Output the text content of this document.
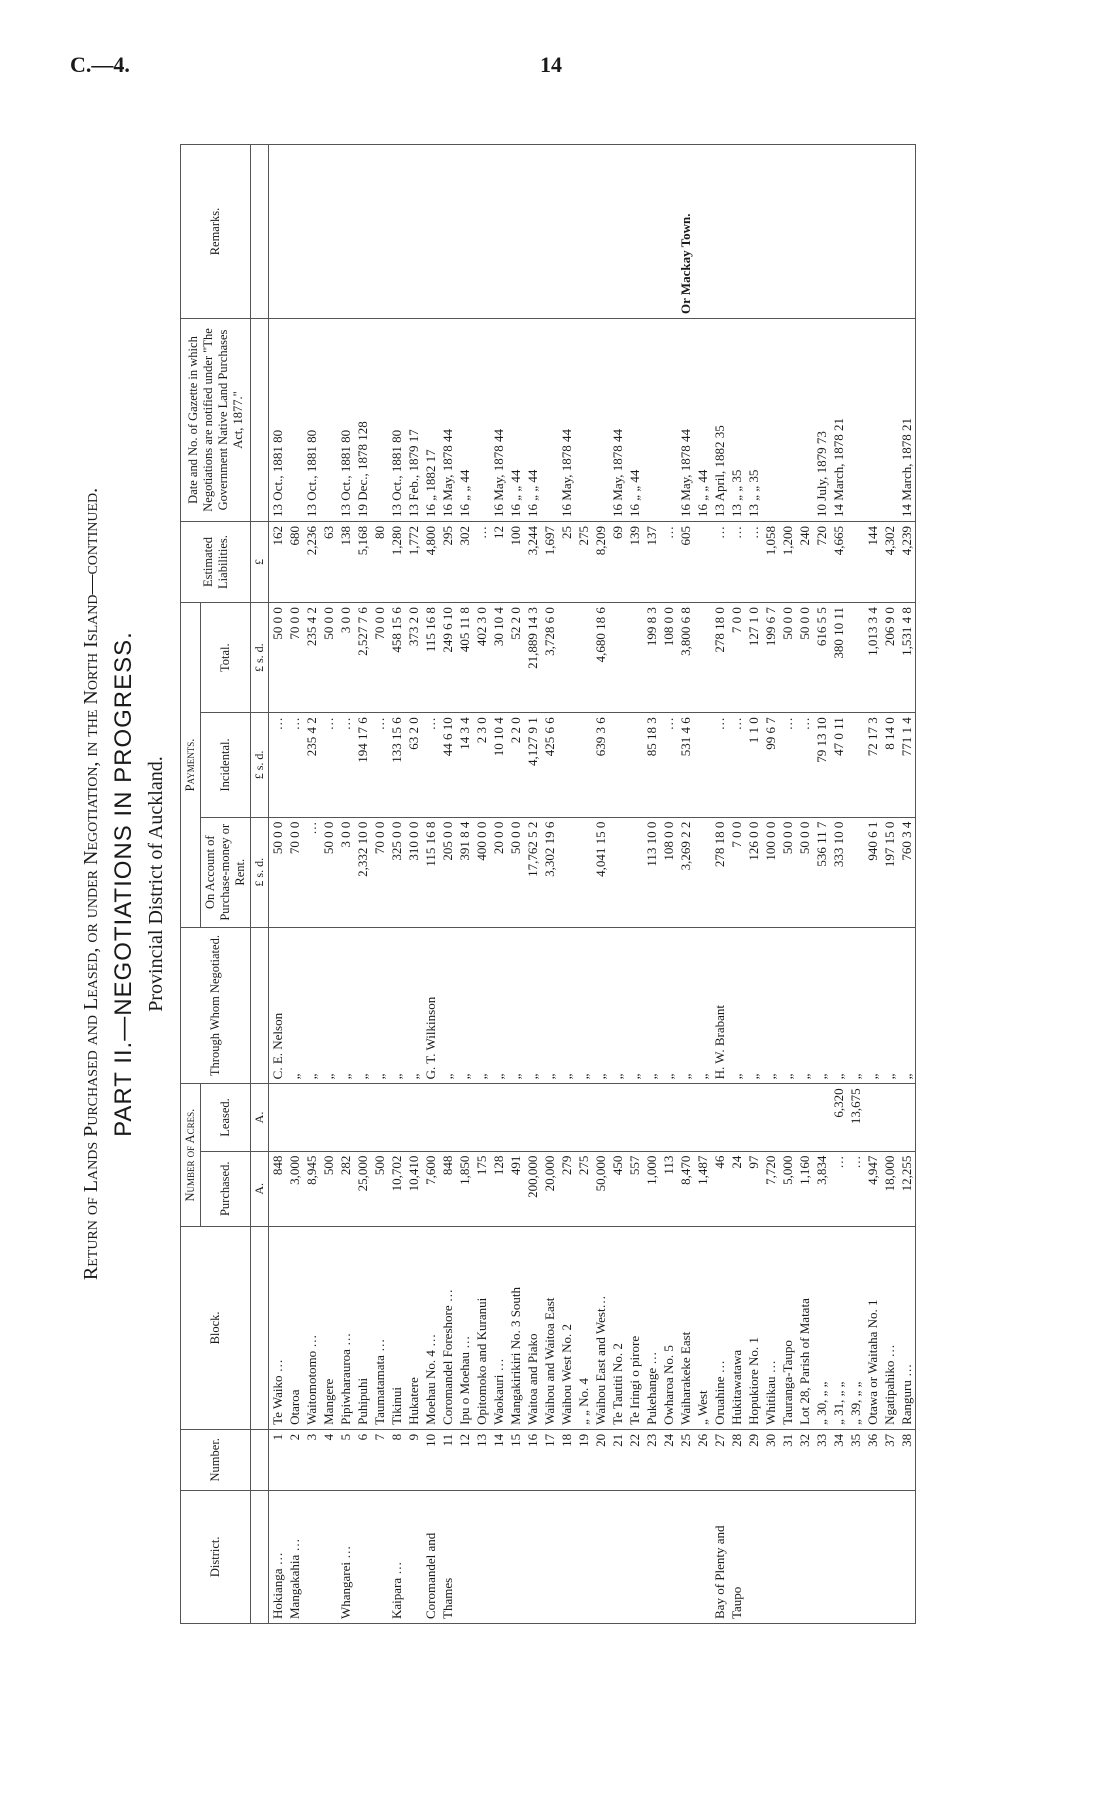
C.—4.	14
Return of Lands Purchased and Leased, or under Negotiation, in the North Island—continued. PART II.—NEGOTIATIONS IN PROGRESS. Provincial District of Auckland.
District.	Number.	Block.	Number of Acres.		Through Whom Negotiated.	Payments.			Estimated Liabilities.	Date and No. of Gazette in which Negotiations are notified under "The Government Native Land Purchases Act, 1877."	Remarks.
			Purchased.	Leased.		On Account of Purchase-money or Rent.	Incidental.	Total.			
			A.	A.		£ s. d.	£ s. d.	£ s. d.	£		
Hokianga …	1	Te Waiko …	848		C. E. Nelson	50 0 0	…	50 0 0	162	13 Oct., 1881 80	
Mangakahia …	2	Otaroa	3,000		„	70 0 0	…	70 0 0	680		
	3	Waitomotomo …	8,945		„	…	235 4 2	235 4 2	2,236	13 Oct., 1881 80	
	4	Mangere	500		„	50 0 0	…	50 0 0	63		
Whangarei …	5	Pipiwharauroa …	282		„	3 0 0	…	3 0 0	138	13 Oct., 1881 80	
	6	Puhipuhi	25,000		„	2,332 10 0	194 17 6	2,527 7 6	5,168	19 Dec., 1878 128	
	7	Taumatamata …	500		„	70 0 0	…	70 0 0	80		
Kaipara …	8	Tikinui	10,702		„	325 0 0	133 15 6	458 15 6	1,280	13 Oct., 1881 80	
	9	Hukatere	10,410		„	310 0 0	63 2 0	373 2 0	1,772	13 Feb., 1879 17	
Coromandel and	10	Moehau No. 4 …	7,600		G. T. Wilkinson	115 16 8	…	115 16 8	4,800	16 „ 1882 17	
Thames	11	Coromandel Foreshore …	848		„	205 0 0	44 6 10	249 6 10	295	16 May, 1878 44	
	12	Ipu o Moehau …	1,850		„	391 8 4	14 3 4	405 11 8	302	16 „ „ 44	
	13	Opitomoko and Kuranui	175		„	400 0 0	2 3 0	402 3 0	…		
	14	Waokauri …	128		„	20 0 0	10 10 4	30 10 4	12	16 May, 1878 44	
	15	Mangakirikiri No. 3 South	491		„	50 0 0	2 2 0	52 2 0	100	16 „ „ 44	
	16	Waitoa and Piako	200,000		„	17,762 5 2	4,127 9 1	21,889 14 3	3,244	16 „ „ 44	
	17	Waihou and Waitoa East	20,000		„	3,302 19 6	425 6 6	3,728 6 0	1,697		
	18	Waihou West No. 2	279		„				25	16 May, 1878 44	
	19	„ „ No. 4	275		„				275		
	20	Waihou East and West…	50,000		„	4,041 15 0	639 3 6	4,680 18 6	8,209		
	21	Te Tautiti No. 2	450		„				69	16 May, 1878 44	
	22	Te Iringi o pirore	557		„				139	16 „ „ 44	
	23	Pukehange …	1,000		„	113 10 0	85 18 3	199 8 3	137		
	24	Owharoa No. 5	113		„	108 0 0	…	108 0 0	…		
	25	Waiharakeke East	8,470		„	3,269 2 2	531 4 6	3,800 6 8	605	16 May, 1878 44	Or Mackay Town.
	26	„ West	1,487		„					16 „ „ 44	
Bay of Plenty and	27	Oruahine …	46		H. W. Brabant	278 18 0	…	278 18 0	…	13 April, 1882 35	
Taupo	28	Hukitawatawa	24		„	7 0 0	…	7 0 0	…	13 „ „ 35	
	29	Hopukiore No. 1	97		„	126 0 0	1 1 0	127 1 0	…	13 „ „ 35	
	30	Whitikau …	7,720		„	100 0 0	99 6 7	199 6 7	1,058		
	31	Tauranga-Taupo	5,000		„	50 0 0	…	50 0 0	1,200		
	32	Lot 28, Parish of Matata	1,160		„	50 0 0	…	50 0 0	240		
	33	„ 30, „ „	3,834		„	536 11 7	79 13 10	616 5 5	720	10 July, 1879 73	
	34	„ 31, „ „	…	6,320	„	333 10 0	47 0 11	380 10 11	4,665	14 March, 1878 21	
	35	„ 39, „ „	…	13,675	„						
	36	Otawa or Waitaha No. 1	4,947		„	940 6 1	72 17 3	1,013 3 4	144		
	37	Ngatipahiko …	18,000		„	197 15 0	8 14 0	206 9 0	4,302		
	38	Ranguru …	12,255		„	760 3 4	771 1 4	1,531 4 8	4,239	14 March, 1878 21	
